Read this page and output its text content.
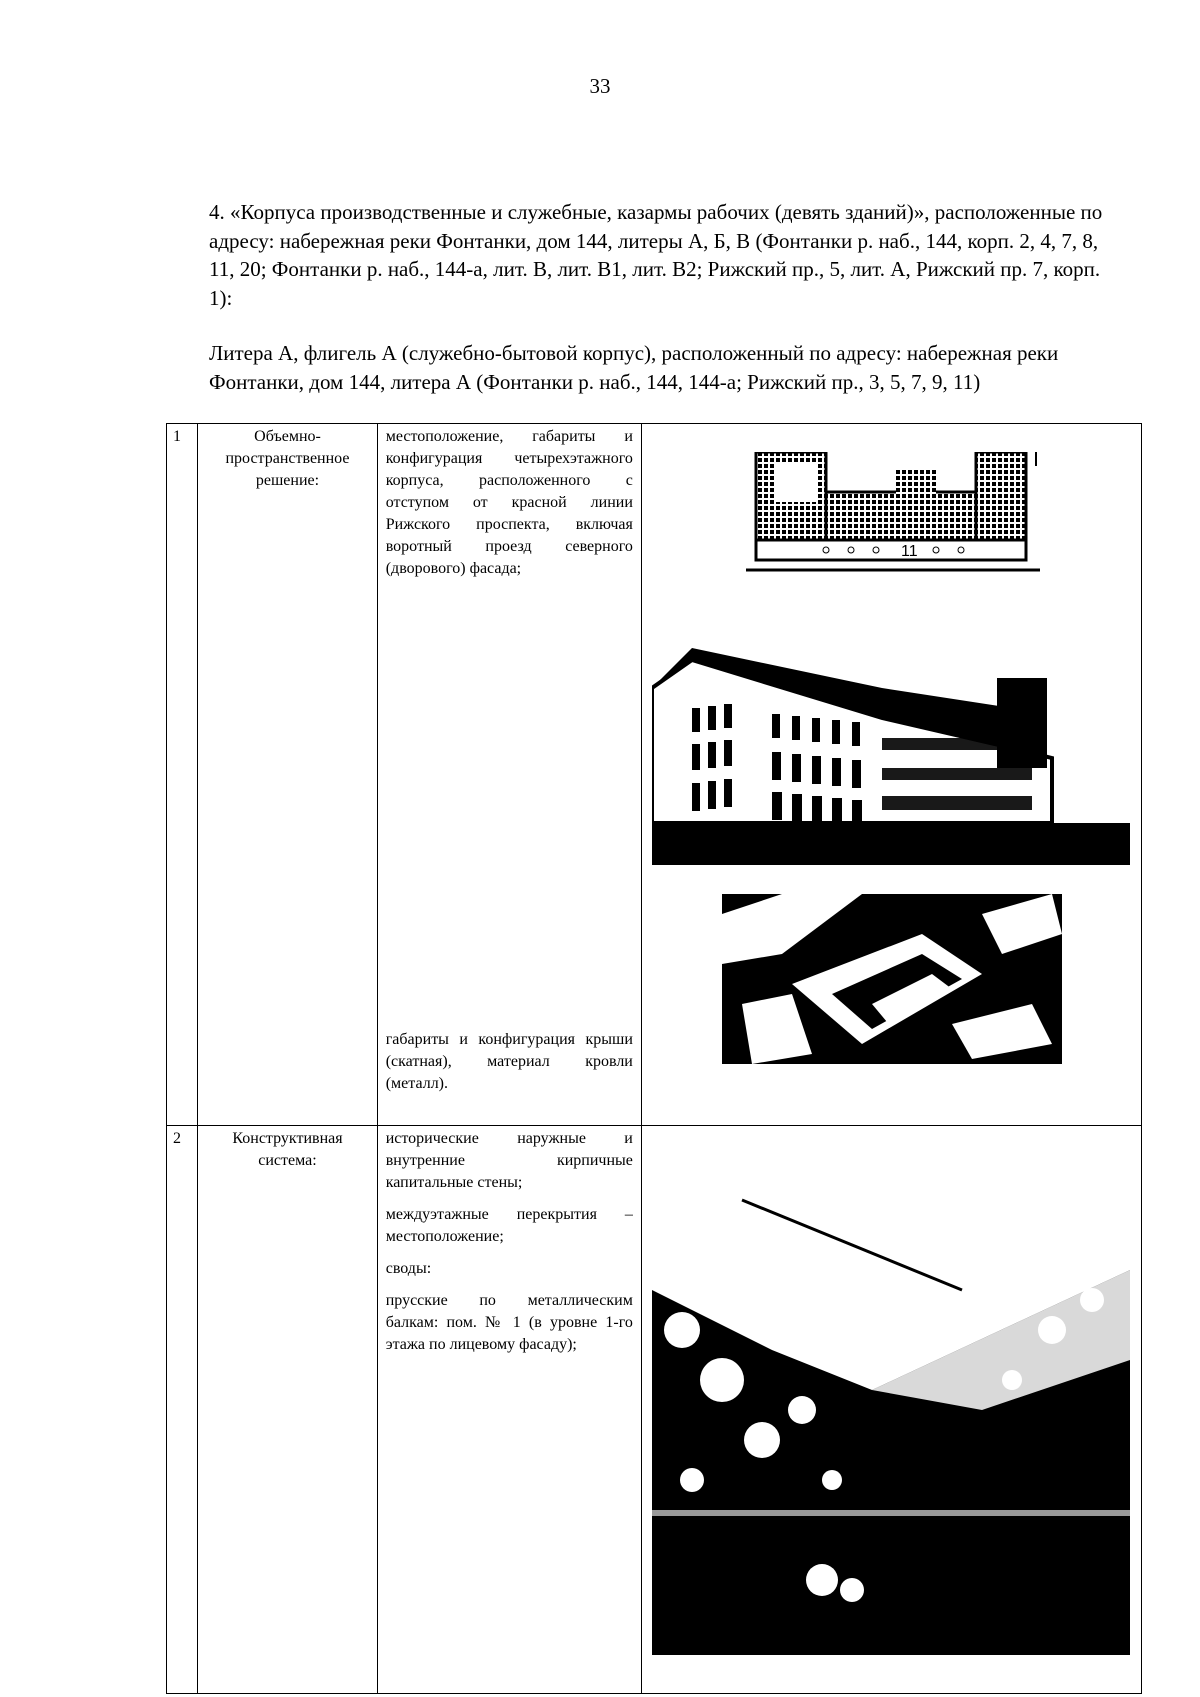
33

4. «Корпуса производственные и служебные, казармы рабочих (девять зданий)», расположенные по адресу: набережная реки Фонтанки, дом 144, литеры А, Б, В (Фонтанки р. наб., 144, корп. 2, 4, 7, 8, 11, 20; Фонтанки р. наб., 144-а, лит. В, лит. В1, лит. В2; Рижский пр., 5, лит. А, Рижский пр. 7, корп. 1):

Литера А, флигель А (служебно-бытовой корпус), расположенный по адресу: набережная реки Фонтанки, дом 144, литера А (Фонтанки р. наб., 144, 144-а; Рижский пр., 3, 5, 7, 9, 11)

1	Объемно-пространственное решение:	местоположение, габариты и конфигурация четырехэтажного корпуса, расположенного с отступом от красной линии Рижского проспекта, включая воротный проезд северного (дворового) фасада;

габариты и конфигурация крыши (скатная), материал кровли (металл).	11

2	Конструктивная система:	исторические наружные и внутренние кирпичные капитальные стены;

междуэтажные перекрытия – местоположение;

своды:

прусские по металлическим балкам: пом. № 1 (в уровне 1-го этажа по лицевому фасаду);
